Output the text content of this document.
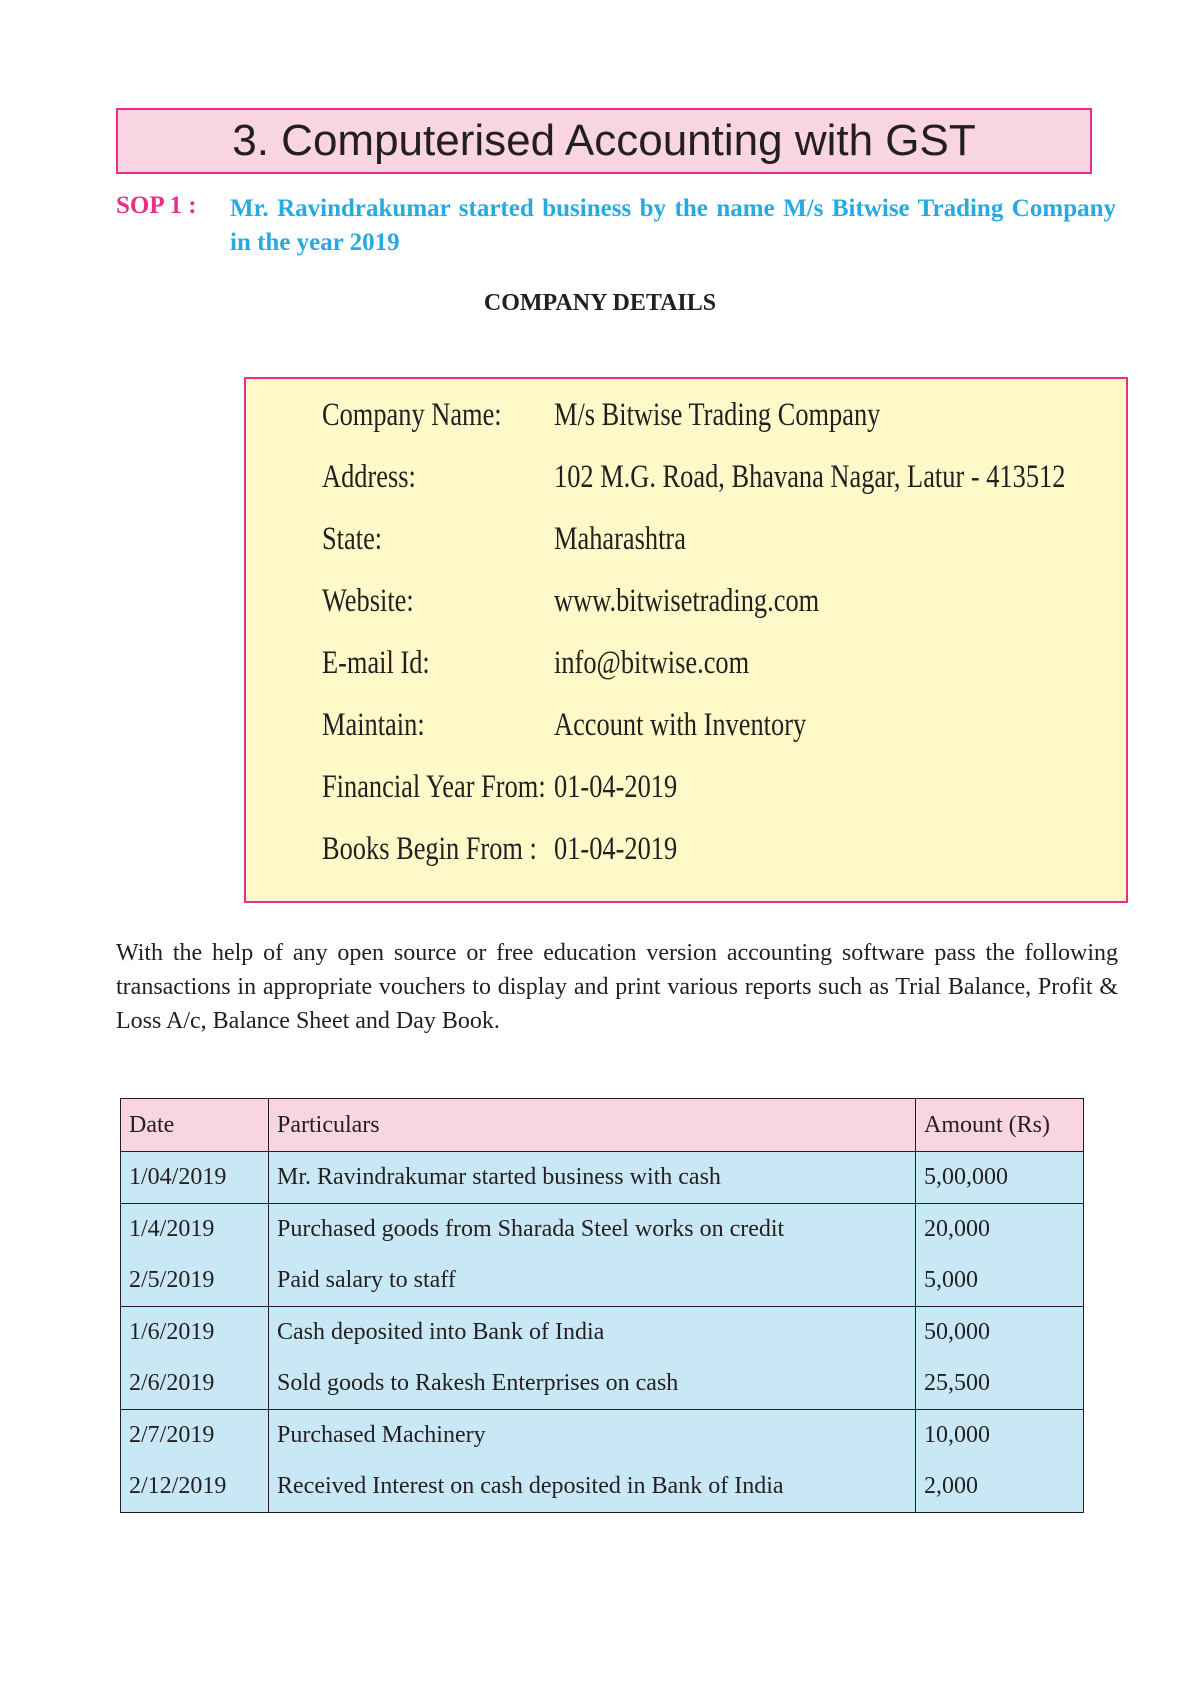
3. Computerised Accounting with GST
SOP 1 : Mr. Ravindrakumar started business by the name M/s Bitwise Trading Company in the year 2019
COMPANY DETAILS
Company Name: M/s Bitwise Trading Company
Address:	102 M.G. Road, Bhavana Nagar, Latur - 413512
State:	Maharashtra
Website:	www.bitwisetrading.com
E-mail Id:	info@bitwise.com
Maintain:	Account with Inventory
Financial Year From: 01-04-2019
Books Begin From : 01-04-2019
With the help of any open source or free education version accounting software pass the following transactions in appropriate vouchers to display and print various reports such as Trial Balance, Profit & Loss A/c, Balance Sheet and Day Book.
Date	Particulars	Amount (Rs)
1/04/2019	Mr. Ravindrakumar started business with cash	5,00,000
1/4/2019	Purchased goods from Sharada Steel works on credit	20,000
2/5/2019	Paid salary to staff	5,000
1/6/2019	Cash deposited into Bank of India	50,000
2/6/2019	Sold goods to Rakesh Enterprises on cash	25,500
2/7/2019	Purchased Machinery	10,000
2/12/2019	Received Interest on cash deposited in Bank of India	2,000
